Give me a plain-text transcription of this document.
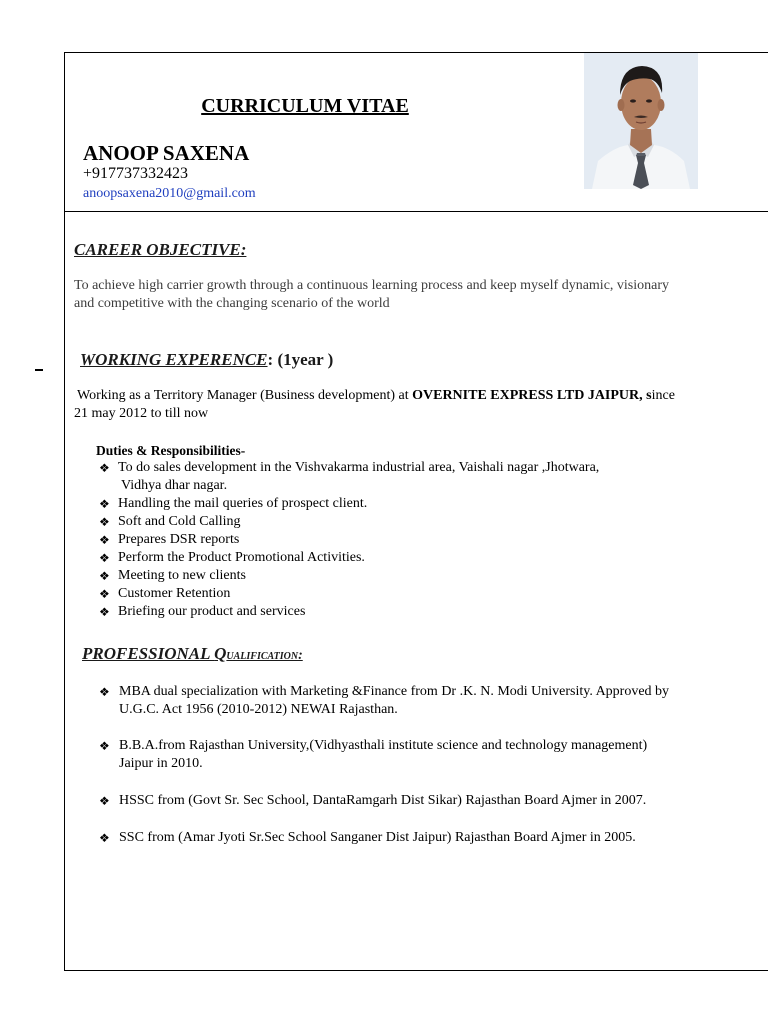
CURRICULUM VITAE
ANOOP SAXENA
+917737332423
anoopsaxena2010@gmail.com
CAREER OBJECTIVE:
To achieve high carrier growth through a continuous learning process and keep myself dynamic, visionary
and competitive with the changing scenario of the world
WORKING EXPERENCE: (1year )
Working as a Territory Manager (Business development) at OVERNITE EXPRESS LTD JAIPUR, since
21 may 2012 to till now
Duties & Responsibilities-
❖ To do sales development in the Vishvakarma industrial area, Vaishali nagar ,Jhotwara,
Vidhya dhar nagar.
❖ Handling the mail queries of prospect client.
❖ Soft and Cold Calling
❖ Prepares DSR reports
❖ Perform the Product Promotional Activities.
❖ Meeting to new clients
❖ Customer Retention
❖ Briefing our product and services
PROFESSIONAL Qualification:
❖ MBA dual specialization with Marketing &Finance from Dr .K. N. Modi University. Approved by
U.G.C. Act 1956 (2010-2012) NEWAI Rajasthan.
❖ B.B.A.from Rajasthan University,(Vidhyasthali institute science and technology management)
Jaipur in 2010.
❖ HSSC from (Govt Sr. Sec School, DantaRamgarh Dist Sikar) Rajasthan Board Ajmer in 2007.
❖ SSC from (Amar Jyoti Sr.Sec School Sanganer Dist Jaipur) Rajasthan Board Ajmer in 2005.
